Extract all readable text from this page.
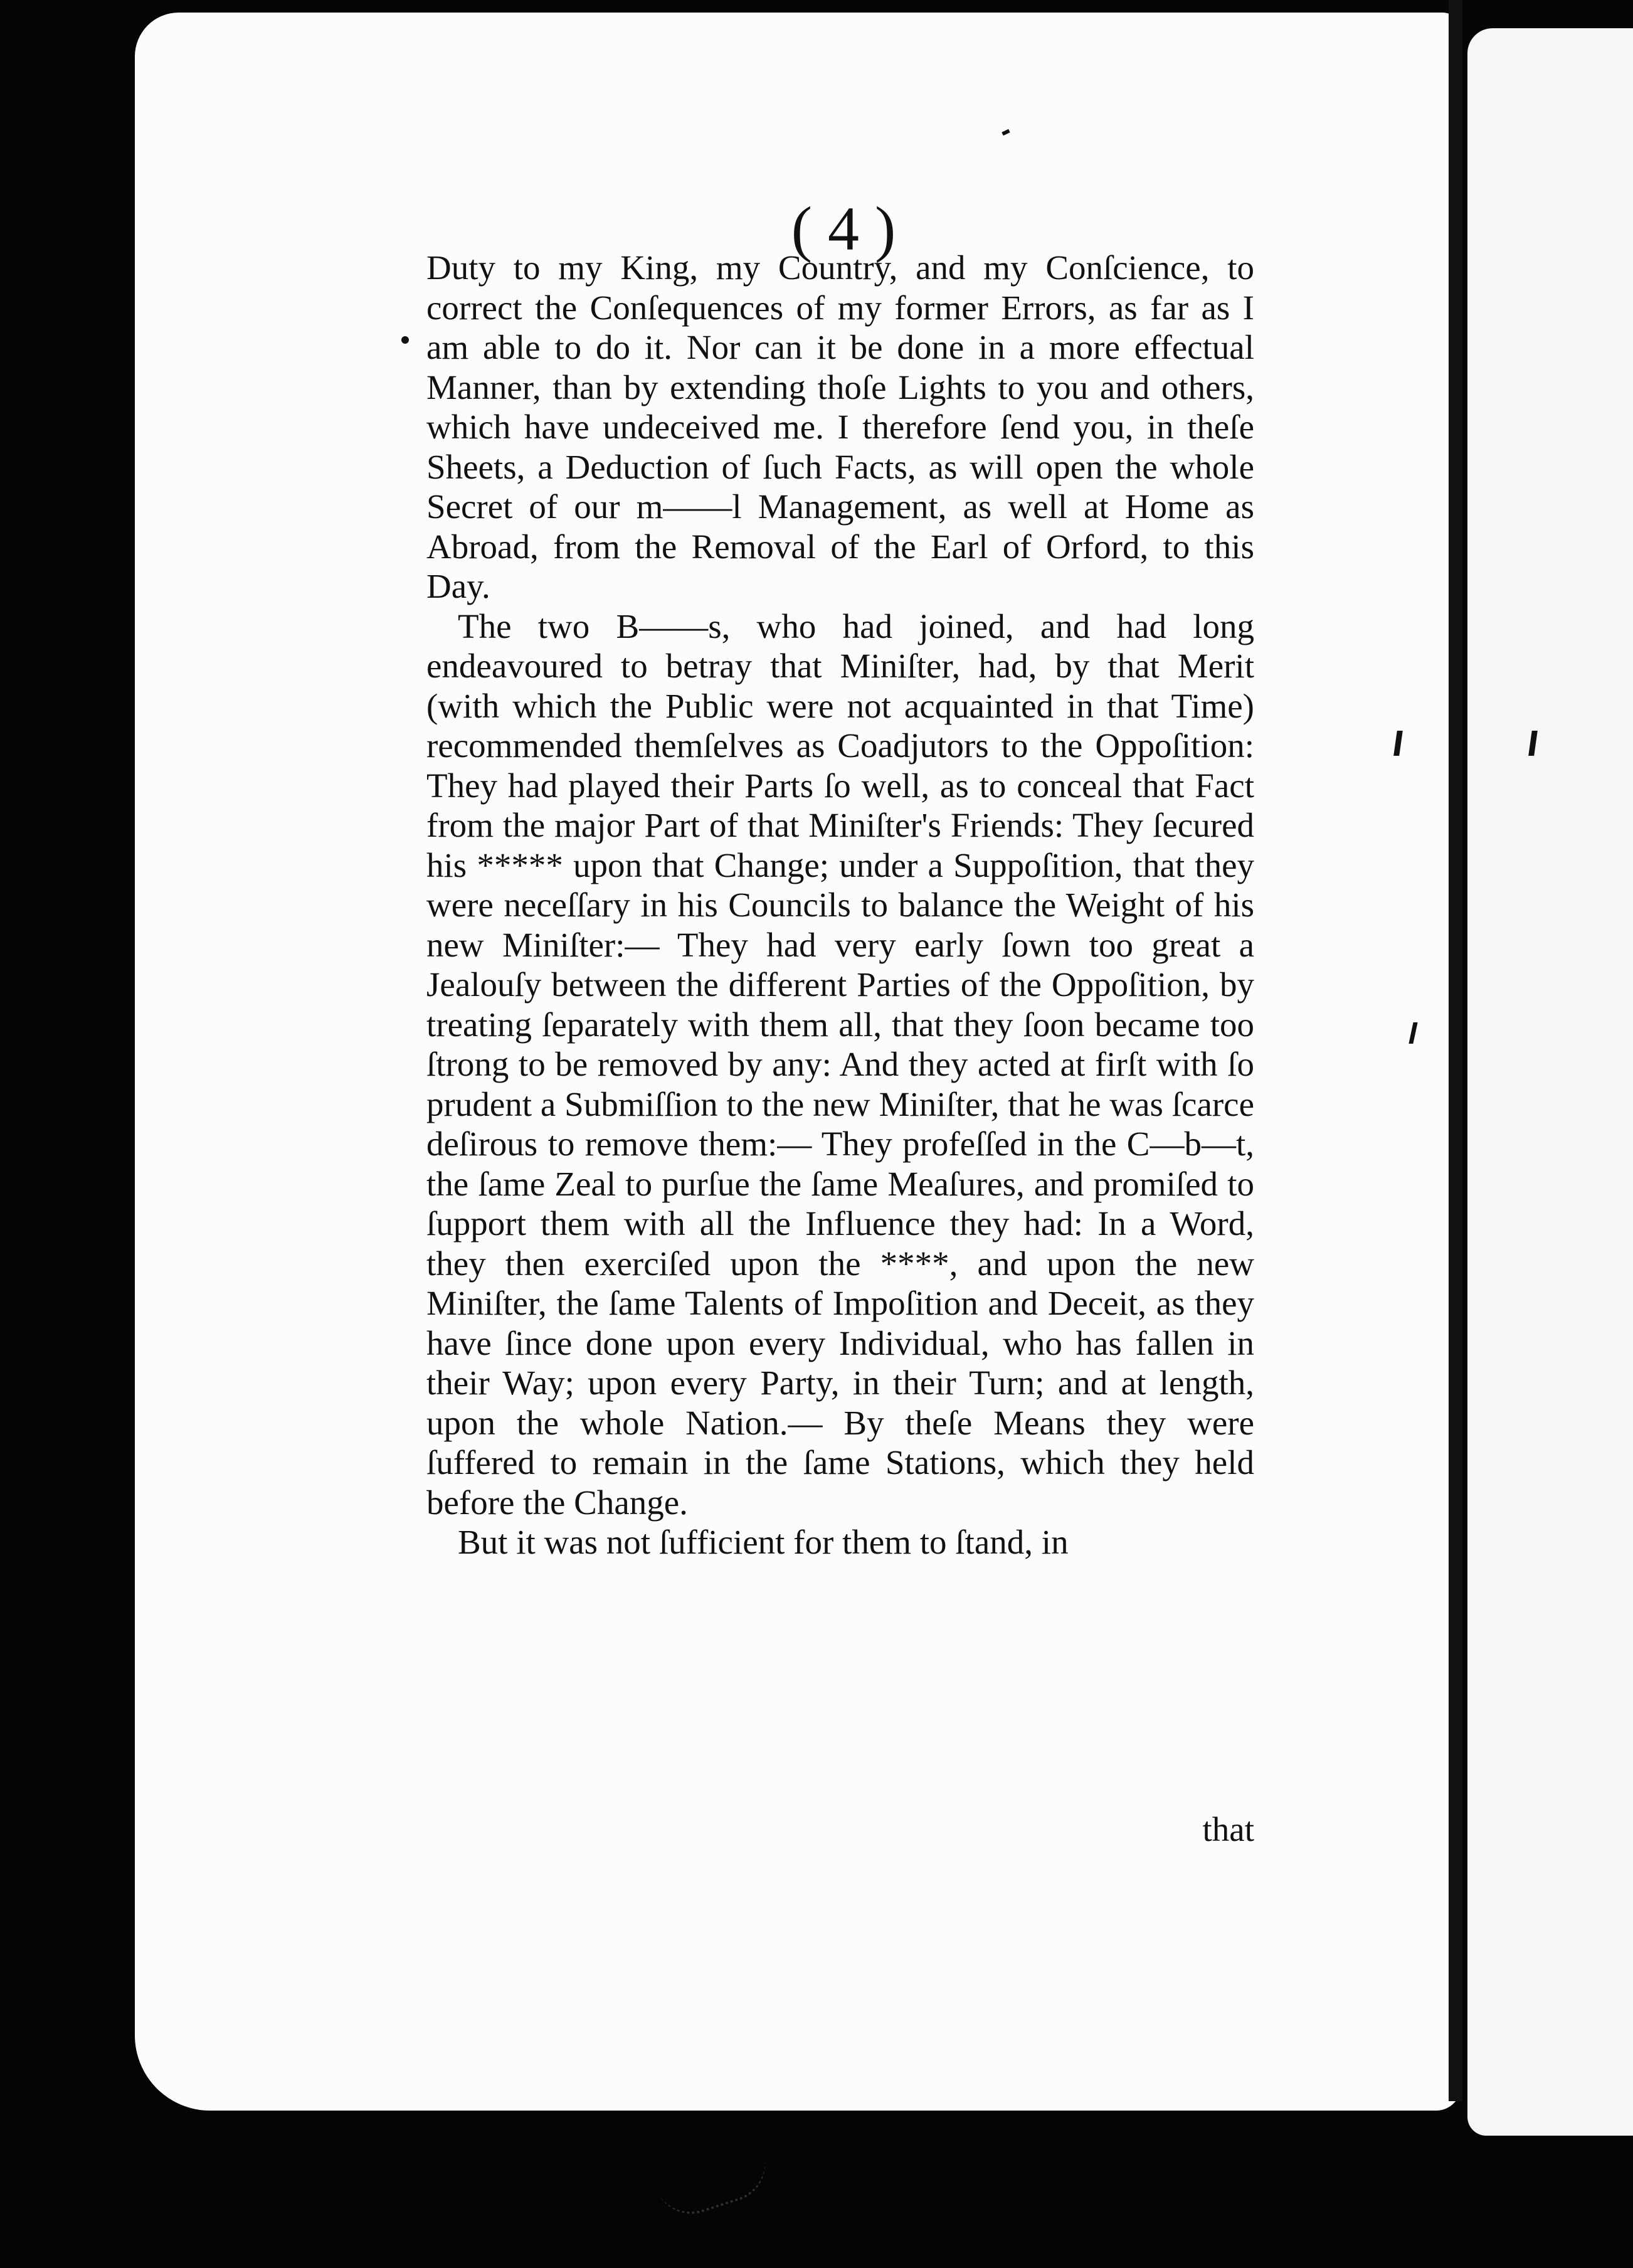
( 4 )

Duty to my King, my Country, and my Conſcience, to correct the Conſequences of my former Errors, as far as I am able to do it. Nor can it be done in a more effectual Manner, than by extending thoſe Lights to you and others, which have undeceived me. I therefore ſend you, in theſe Sheets, a Deduction of ſuch Facts, as will open the whole Secret of our m——l Management, as well at Home as Abroad, from the Removal of the Earl of Orford, to this Day.

The two B——s, who had joined, and had long endeavoured to betray that Miniſter, had, by that Merit (with which the Public were not acquainted in that Time) recommended themſelves as Coadjutors to the Oppoſition: They had played their Parts ſo well, as to conceal that Fact from the major Part of that Miniſter's Friends: They ſecured his ***** upon that Change; under a Suppoſition, that they were neceſſary in his Councils to balance the Weight of his new Miniſter:— They had very early ſown too great a Jealouſy between the different Parties of the Oppoſition, by treating ſeparately with them all, that they ſoon became too ſtrong to be removed by any: And they acted at firſt with ſo prudent a Submiſſion to the new Miniſter, that he was ſcarce deſirous to remove them:— They profeſſed in the C—b—t, the ſame Zeal to purſue the ſame Meaſures, and promiſed to ſupport them with all the Influence they had: In a Word, they then exerciſed upon the ****, and upon the new Miniſter, the ſame Talents of Impoſition and Deceit, as they have ſince done upon every Individual, who has fallen in their Way; upon every Party, in their Turn; and at length, upon the whole Nation.— By theſe Means they were ſuffered to remain in the ſame Stations, which they held before the Change.

But it was not ſufficient for them to ſtand, in

that
